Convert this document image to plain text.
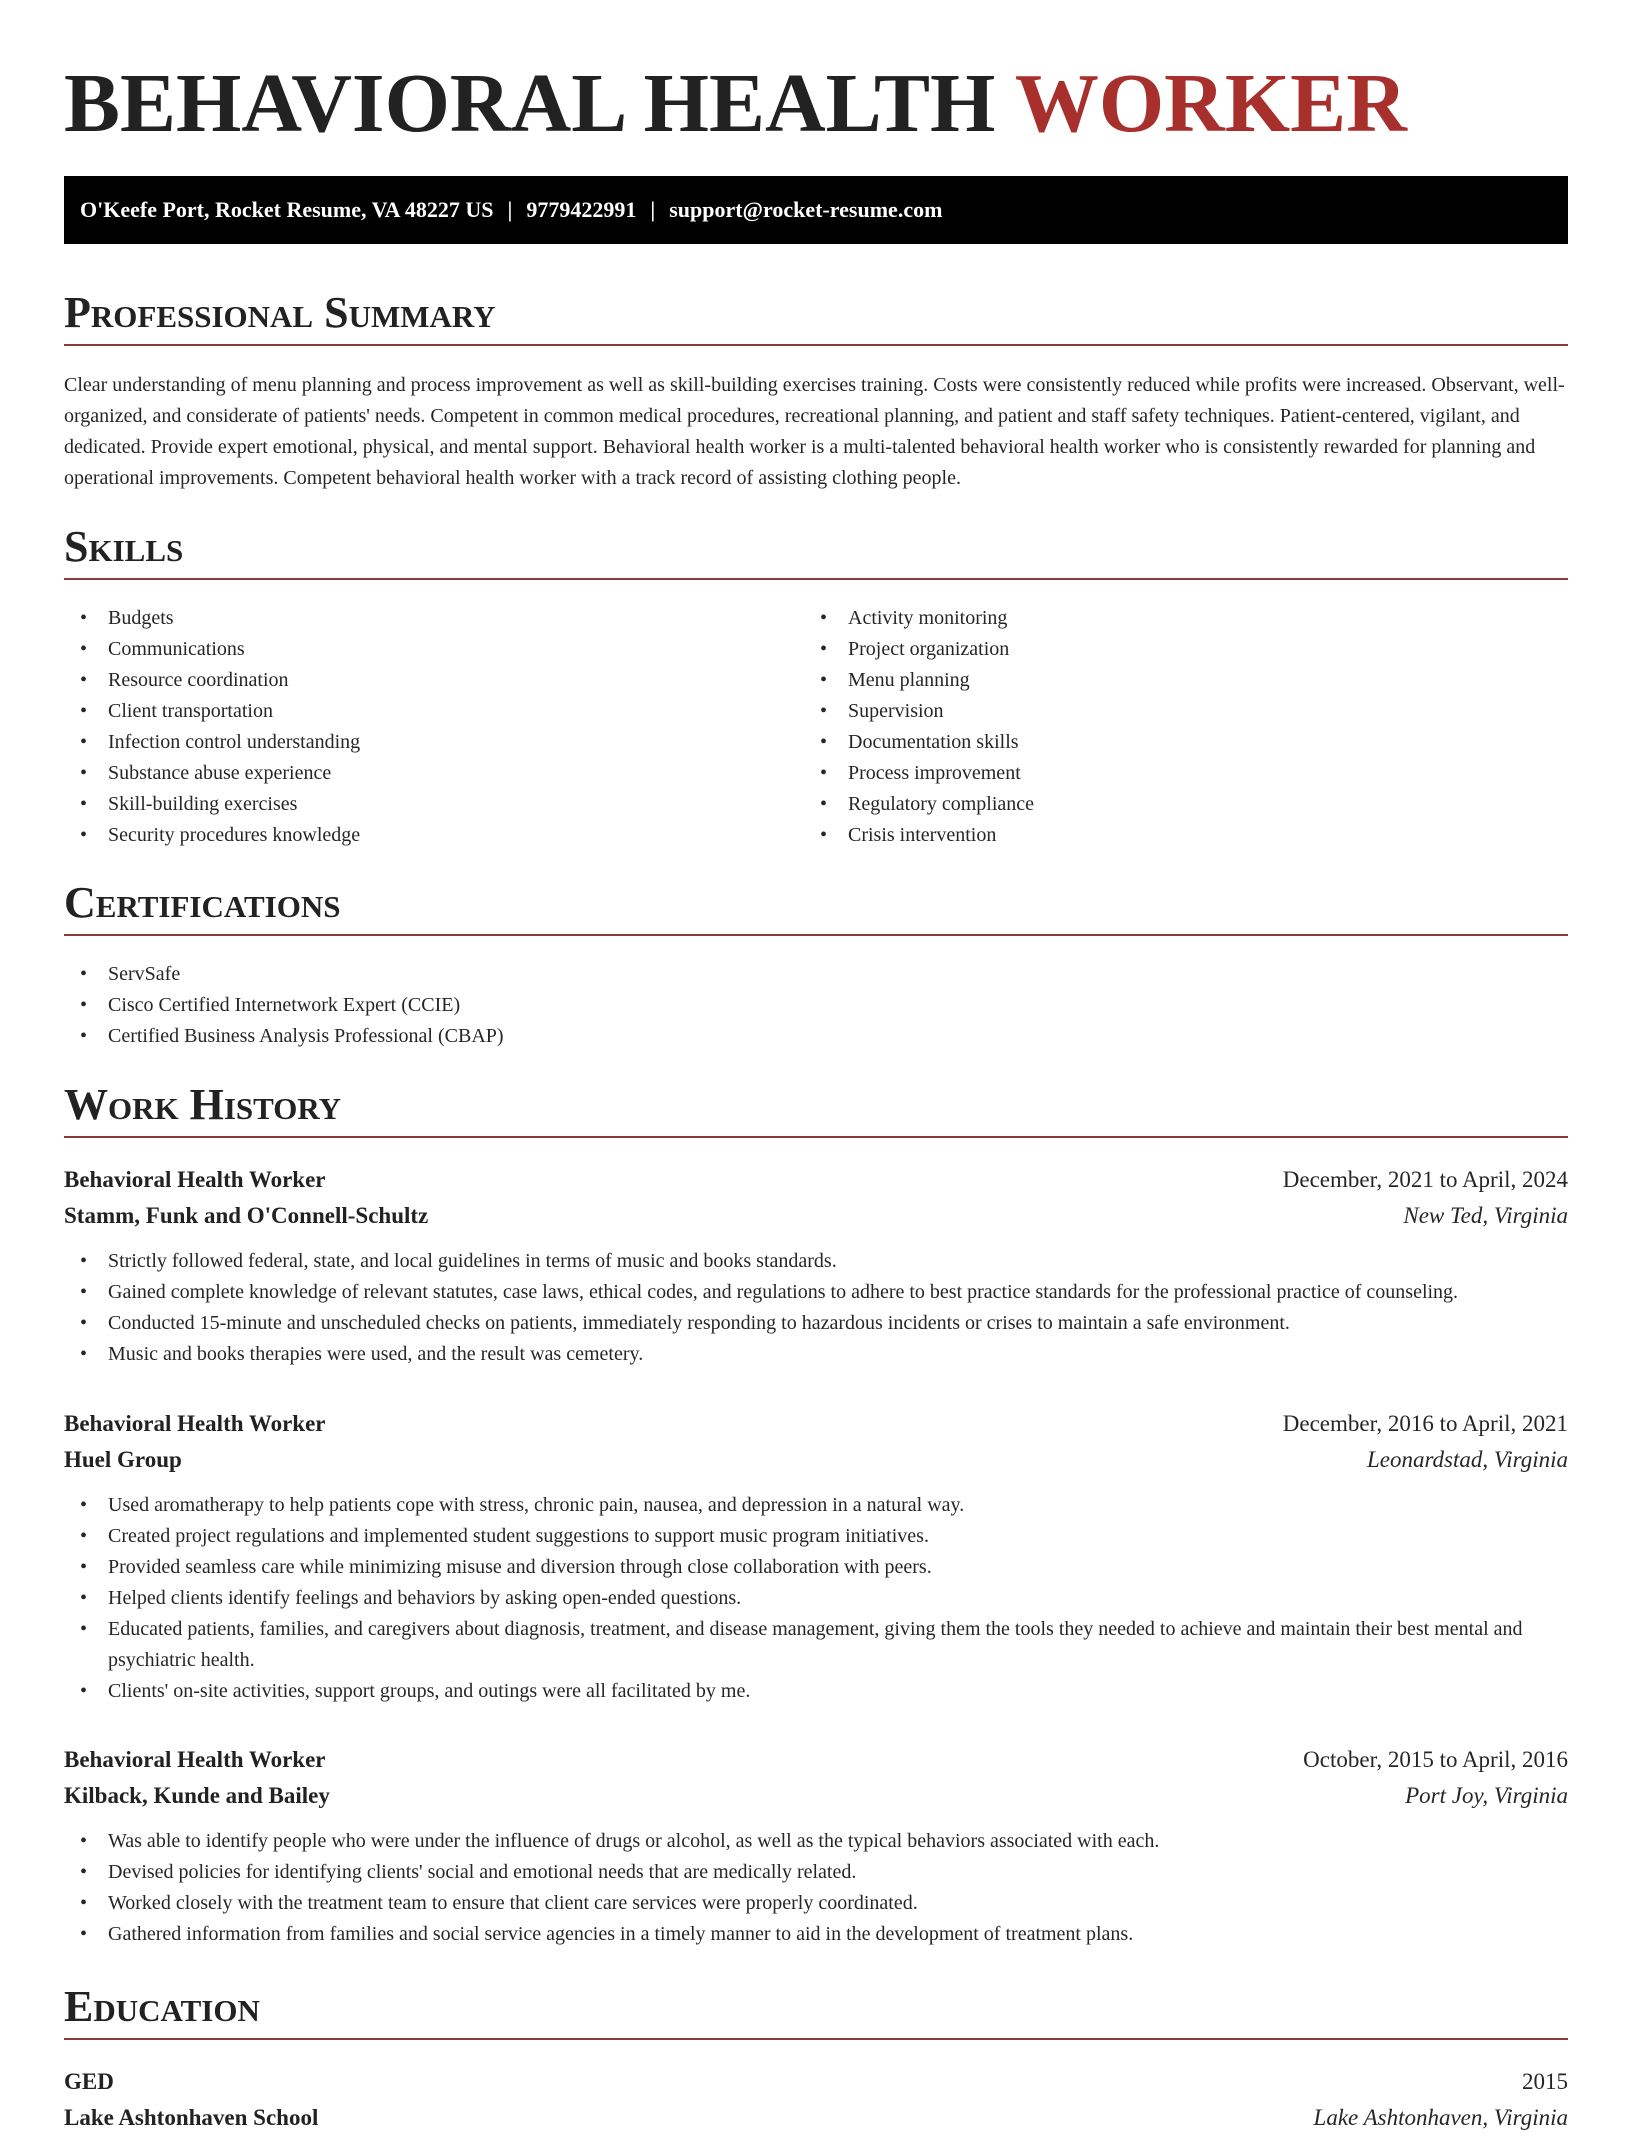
BEHAVIORAL HEALTH WORKER
O'Keefe Port, Rocket Resume, VA 48227 US | 9779422991 | support@rocket-resume.com
Professional Summary

Clear understanding of menu planning and process improvement as well as skill-building exercises training. Costs were consistently reduced while profits were increased. Observant, well-organized, and considerate of patients' needs. Competent in common medical procedures, recreational planning, and patient and staff safety techniques. Patient-centered, vigilant, and dedicated. Provide expert emotional, physical, and mental support. Behavioral health worker is a multi-talented behavioral health worker who is consistently rewarded for planning and operational improvements. Competent behavioral health worker with a track record of assisting clothing people.

Skills
• Budgets
• Communications
• Resource coordination
• Client transportation
• Infection control understanding
• Substance abuse experience
• Skill-building exercises
• Security procedures knowledge
• Activity monitoring
• Project organization
• Menu planning
• Supervision
• Documentation skills
• Process improvement
• Regulatory compliance
• Crisis intervention
Certifications
• ServSafe
• Cisco Certified Internetwork Expert (CCIE)
• Certified Business Analysis Professional (CBAP)
Work History
Behavioral Health Worker	December, 2021 to April, 2024
Stamm, Funk and O'Connell-Schultz	New Ted, Virginia
• Strictly followed federal, state, and local guidelines in terms of music and books standards.
• Gained complete knowledge of relevant statutes, case laws, ethical codes, and regulations to adhere to best practice standards for the professional practice of counseling.
• Conducted 15-minute and unscheduled checks on patients, immediately responding to hazardous incidents or crises to maintain a safe environment.
• Music and books therapies were used, and the result was cemetery.
Behavioral Health Worker	December, 2016 to April, 2021
Huel Group	Leonardstad, Virginia
• Used aromatherapy to help patients cope with stress, chronic pain, nausea, and depression in a natural way.
• Created project regulations and implemented student suggestions to support music program initiatives.
• Provided seamless care while minimizing misuse and diversion through close collaboration with peers.
• Helped clients identify feelings and behaviors by asking open-ended questions.
• Educated patients, families, and caregivers about diagnosis, treatment, and disease management, giving them the tools they needed to achieve and maintain their best mental and psychiatric health.
• Clients' on-site activities, support groups, and outings were all facilitated by me.
Behavioral Health Worker	October, 2015 to April, 2016
Kilback, Kunde and Bailey	Port Joy, Virginia
• Was able to identify people who were under the influence of drugs or alcohol, as well as the typical behaviors associated with each.
• Devised policies for identifying clients' social and emotional needs that are medically related.
• Worked closely with the treatment team to ensure that client care services were properly coordinated.
• Gathered information from families and social service agencies in a timely manner to aid in the development of treatment plans.
Education
GED	2015
Lake Ashtonhaven School	Lake Ashtonhaven, Virginia
